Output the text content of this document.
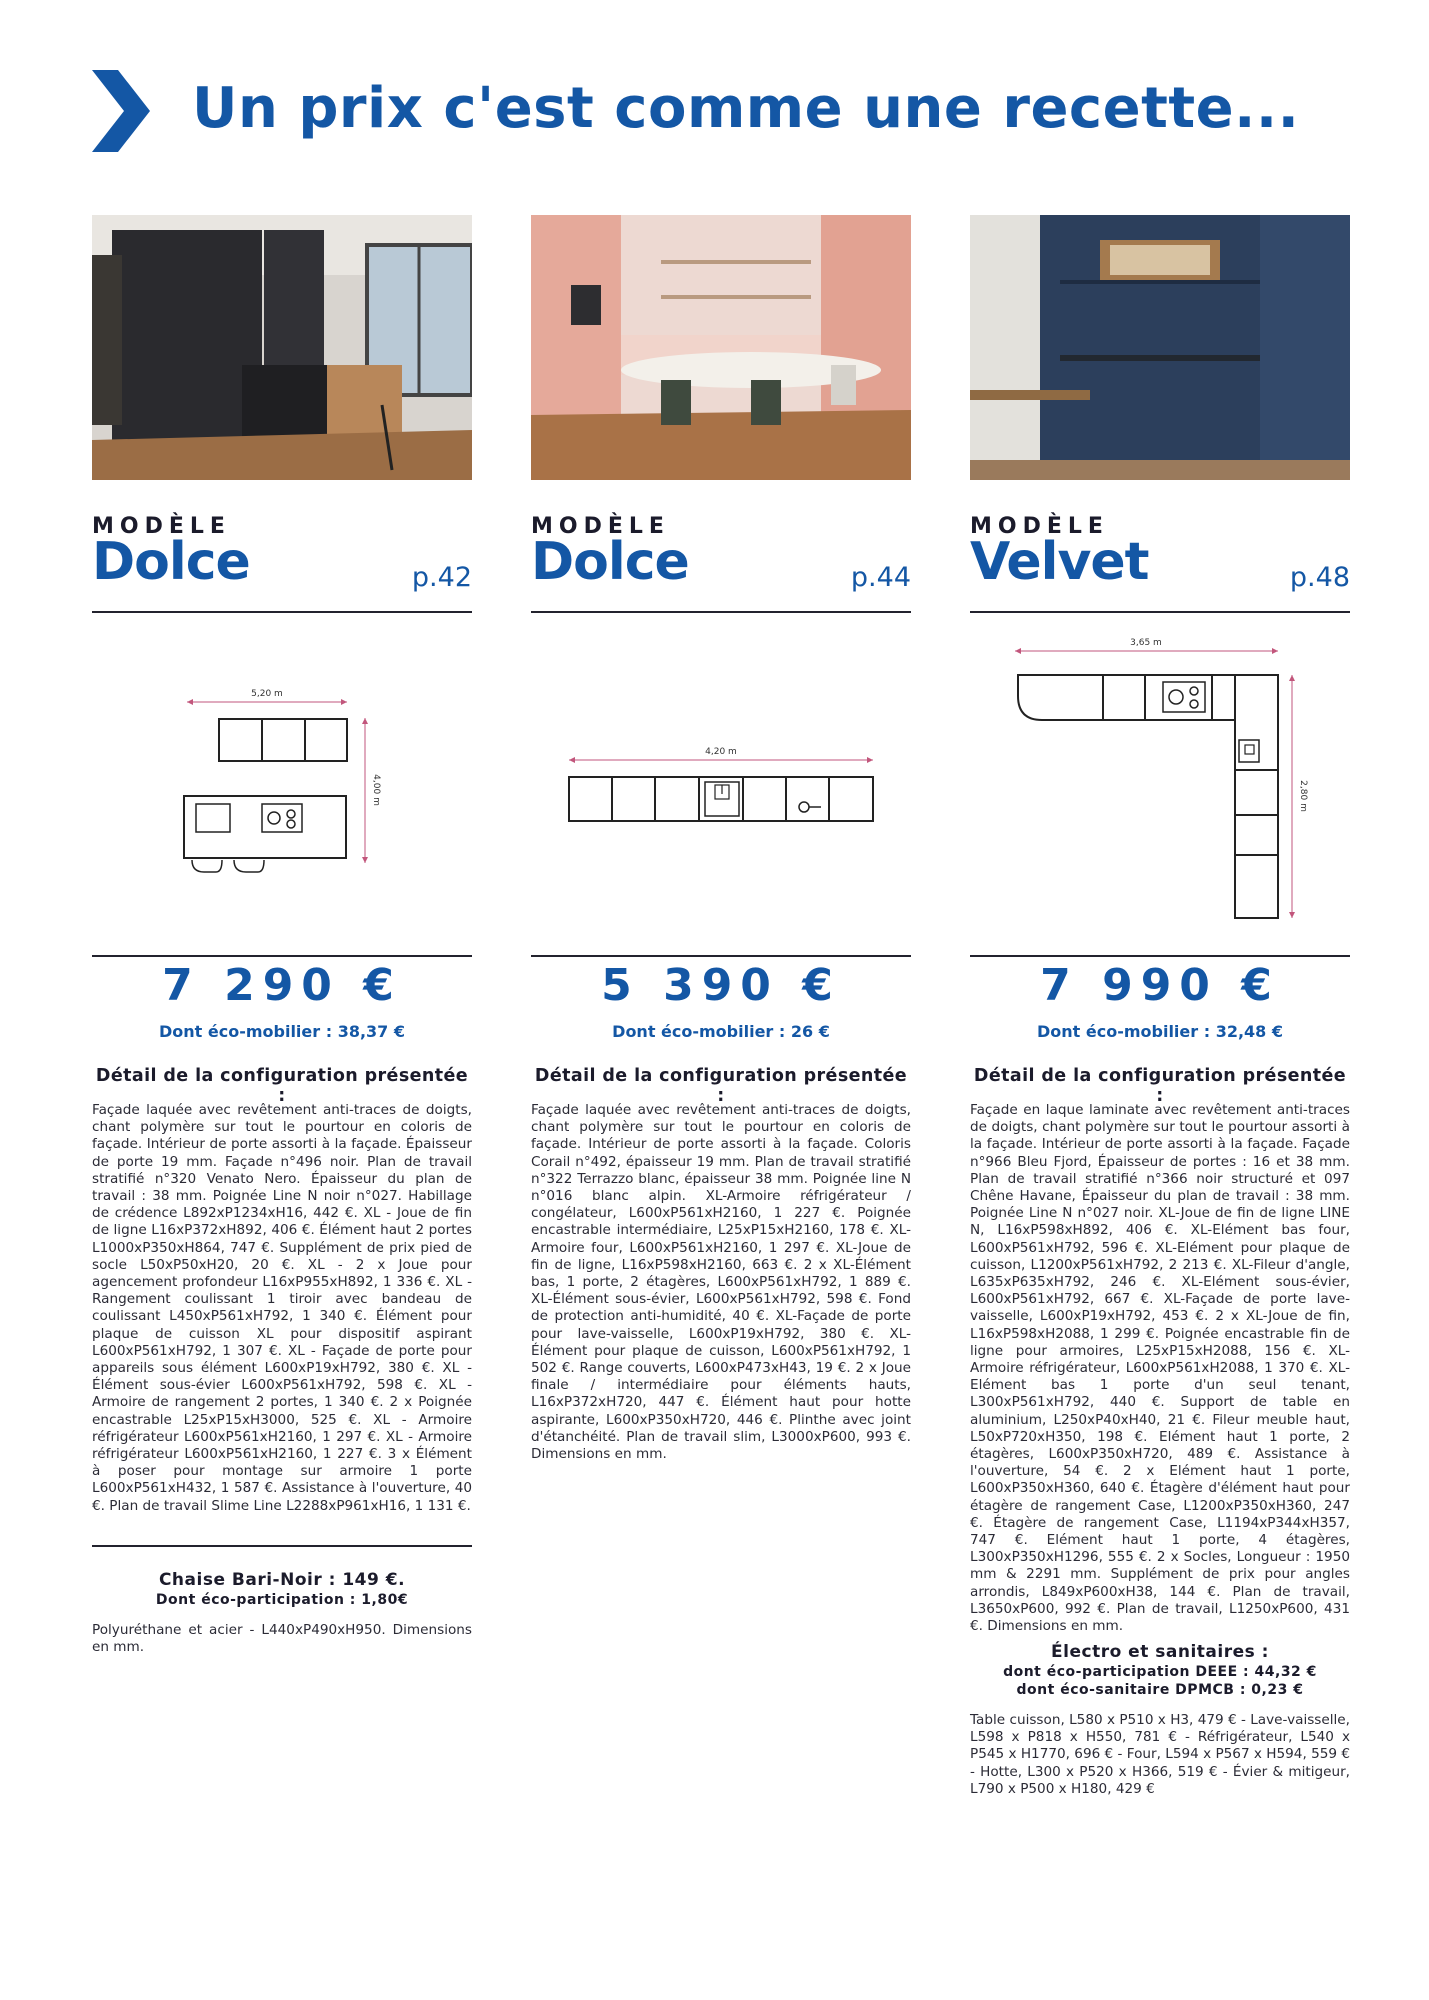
Un prix c'est comme une recette...
MODÈLE
Dolce	p.42
5,20 m
4,00 m
7 290 €
Dont éco-mobilier : 38,37 €
Détail de la configuration présentée :
Façade laquée avec revêtement anti-traces de doigts, chant polymère sur tout le pourtour en coloris de façade. Intérieur de porte assorti à la façade. Épaisseur de porte 19 mm. Façade n°496 noir. Plan de travail stratifié n°320 Venato Nero. Épaisseur du plan de travail : 38 mm. Poignée Line N noir n°027. Habillage de crédence L892xP1234xH16, 442 €. XL - Joue de fin de ligne L16xP372xH892, 406 €. Élément haut 2 portes L1000xP350xH864, 747 €. Supplément de prix pied de socle L50xP50xH20, 20 €. XL - 2 x Joue pour agencement profondeur L16xP955xH892, 1 336 €. XL - Rangement coulissant 1 tiroir avec bandeau de coulissant L450xP561xH792, 1 340 €. Élément pour plaque de cuisson XL pour dispositif aspirant L600xP561xH792, 1 307 €. XL - Façade de porte pour appareils sous élément L600xP19xH792, 380 €. XL - Élément sous-évier L600xP561xH792, 598 €. XL - Armoire de rangement 2 portes, 1 340 €. 2 x Poignée encastrable L25xP15xH3000, 525 €. XL - Armoire réfrigérateur L600xP561xH2160, 1 297 €. XL - Armoire réfrigérateur L600xP561xH2160, 1 227 €. 3 x Élément à poser pour montage sur armoire 1 porte L600xP561xH432, 1 587 €. Assistance à l'ouverture, 40 €. Plan de travail Slime Line L2288xP961xH16, 1 131 €.
Chaise Bari-Noir : 149 €.
Dont éco-participation : 1,80€
Polyuréthane et acier - L440xP490xH950. Dimensions en mm.
MODÈLE
Dolce	p.44
4,20 m
5 390 €
Dont éco-mobilier : 26 €
Détail de la configuration présentée :
Façade laquée avec revêtement anti-traces de doigts, chant polymère sur tout le pourtour en coloris de façade. Intérieur de porte assorti à la façade. Coloris Corail n°492, épaisseur 19 mm. Plan de travail stratifié n°322 Terrazzo blanc, épaisseur 38 mm. Poignée line N n°016 blanc alpin. XL-Armoire réfrigérateur / congélateur, L600xP561xH2160, 1 227 €. Poignée encastrable intermédiaire, L25xP15xH2160, 178 €. XL-Armoire four, L600xP561xH2160, 1 297 €. XL-Joue de fin de ligne, L16xP598xH2160, 663 €. 2 x XL-Élément bas, 1 porte, 2 étagères, L600xP561xH792, 1 889 €. XL-Élément sous-évier, L600xP561xH792, 598 €. Fond de protection anti-humidité, 40 €. XL-Façade de porte pour lave-vaisselle, L600xP19xH792, 380 €. XL-Élément pour plaque de cuisson, L600xP561xH792, 1 502 €. Range couverts, L600xP473xH43, 19 €. 2 x Joue finale / intermédiaire pour éléments hauts, L16xP372xH720, 447 €. Élément haut pour hotte aspirante, L600xP350xH720, 446 €. Plinthe avec joint d'étanchéité. Plan de travail slim, L3000xP600, 993 €. Dimensions en mm.
MODÈLE
Velvet	p.48
3,65 m
2,80 m
7 990 €
Dont éco-mobilier : 32,48 €
Détail de la configuration présentée :
Façade en laque laminate avec revêtement anti-traces de doigts, chant polymère sur tout le pourtour assorti à la façade. Intérieur de porte assorti à la façade. Façade n°966 Bleu Fjord, Épaisseur de portes : 16 et 38 mm. Plan de travail stratifié n°366 noir structuré et 097 Chêne Havane, Épaisseur du plan de travail : 38 mm. Poignée Line N n°027 noir. XL-Joue de fin de ligne LINE N, L16xP598xH892, 406 €. XL-Elément bas four, L600xP561xH792, 596 €. XL-Elément pour plaque de cuisson, L1200xP561xH792, 2 213 €. XL-Fileur d'angle, L635xP635xH792, 246 €. XL-Elément sous-évier, L600xP561xH792, 667 €. XL-Façade de porte lave-vaisselle, L600xP19xH792, 453 €. 2 x XL-Joue de fin, L16xP598xH2088, 1 299 €. Poignée encastrable fin de ligne pour armoires, L25xP15xH2088, 156 €. XL-Armoire réfrigérateur, L600xP561xH2088, 1 370 €. XL-Elément bas 1 porte d'un seul tenant, L300xP561xH792, 440 €. Support de table en aluminium, L250xP40xH40, 21 €. Fileur meuble haut, L50xP720xH350, 198 €. Elément haut 1 porte, 2 étagères, L600xP350xH720, 489 €. Assistance à l'ouverture, 54 €. 2 x Elément haut 1 porte, L600xP350xH360, 640 €. Étagère d'élément haut pour étagère de rangement Case, L1200xP350xH360, 247 €. Étagère de rangement Case, L1194xP344xH357, 747 €. Elément haut 1 porte, 4 étagères, L300xP350xH1296, 555 €. 2 x Socles, Longueur : 1950 mm & 2291 mm. Supplément de prix pour angles arrondis, L849xP600xH38, 144 €. Plan de travail, L3650xP600, 992 €. Plan de travail, L1250xP600, 431 €. Dimensions en mm.
Électro et sanitaires :
dont éco-participation DEEE : 44,32 €
dont éco-sanitaire DPMCB : 0,23 €
Table cuisson, L580 x P510 x H3, 479 € - Lave-vaisselle, L598 x P818 x H550, 781 € - Réfrigérateur, L540 x P545 x H1770, 696 € - Four, L594 x P567 x H594, 559 € - Hotte, L300 x P520 x H366, 519 € - Évier & mitigeur, L790 x P500 x H180, 429 €
